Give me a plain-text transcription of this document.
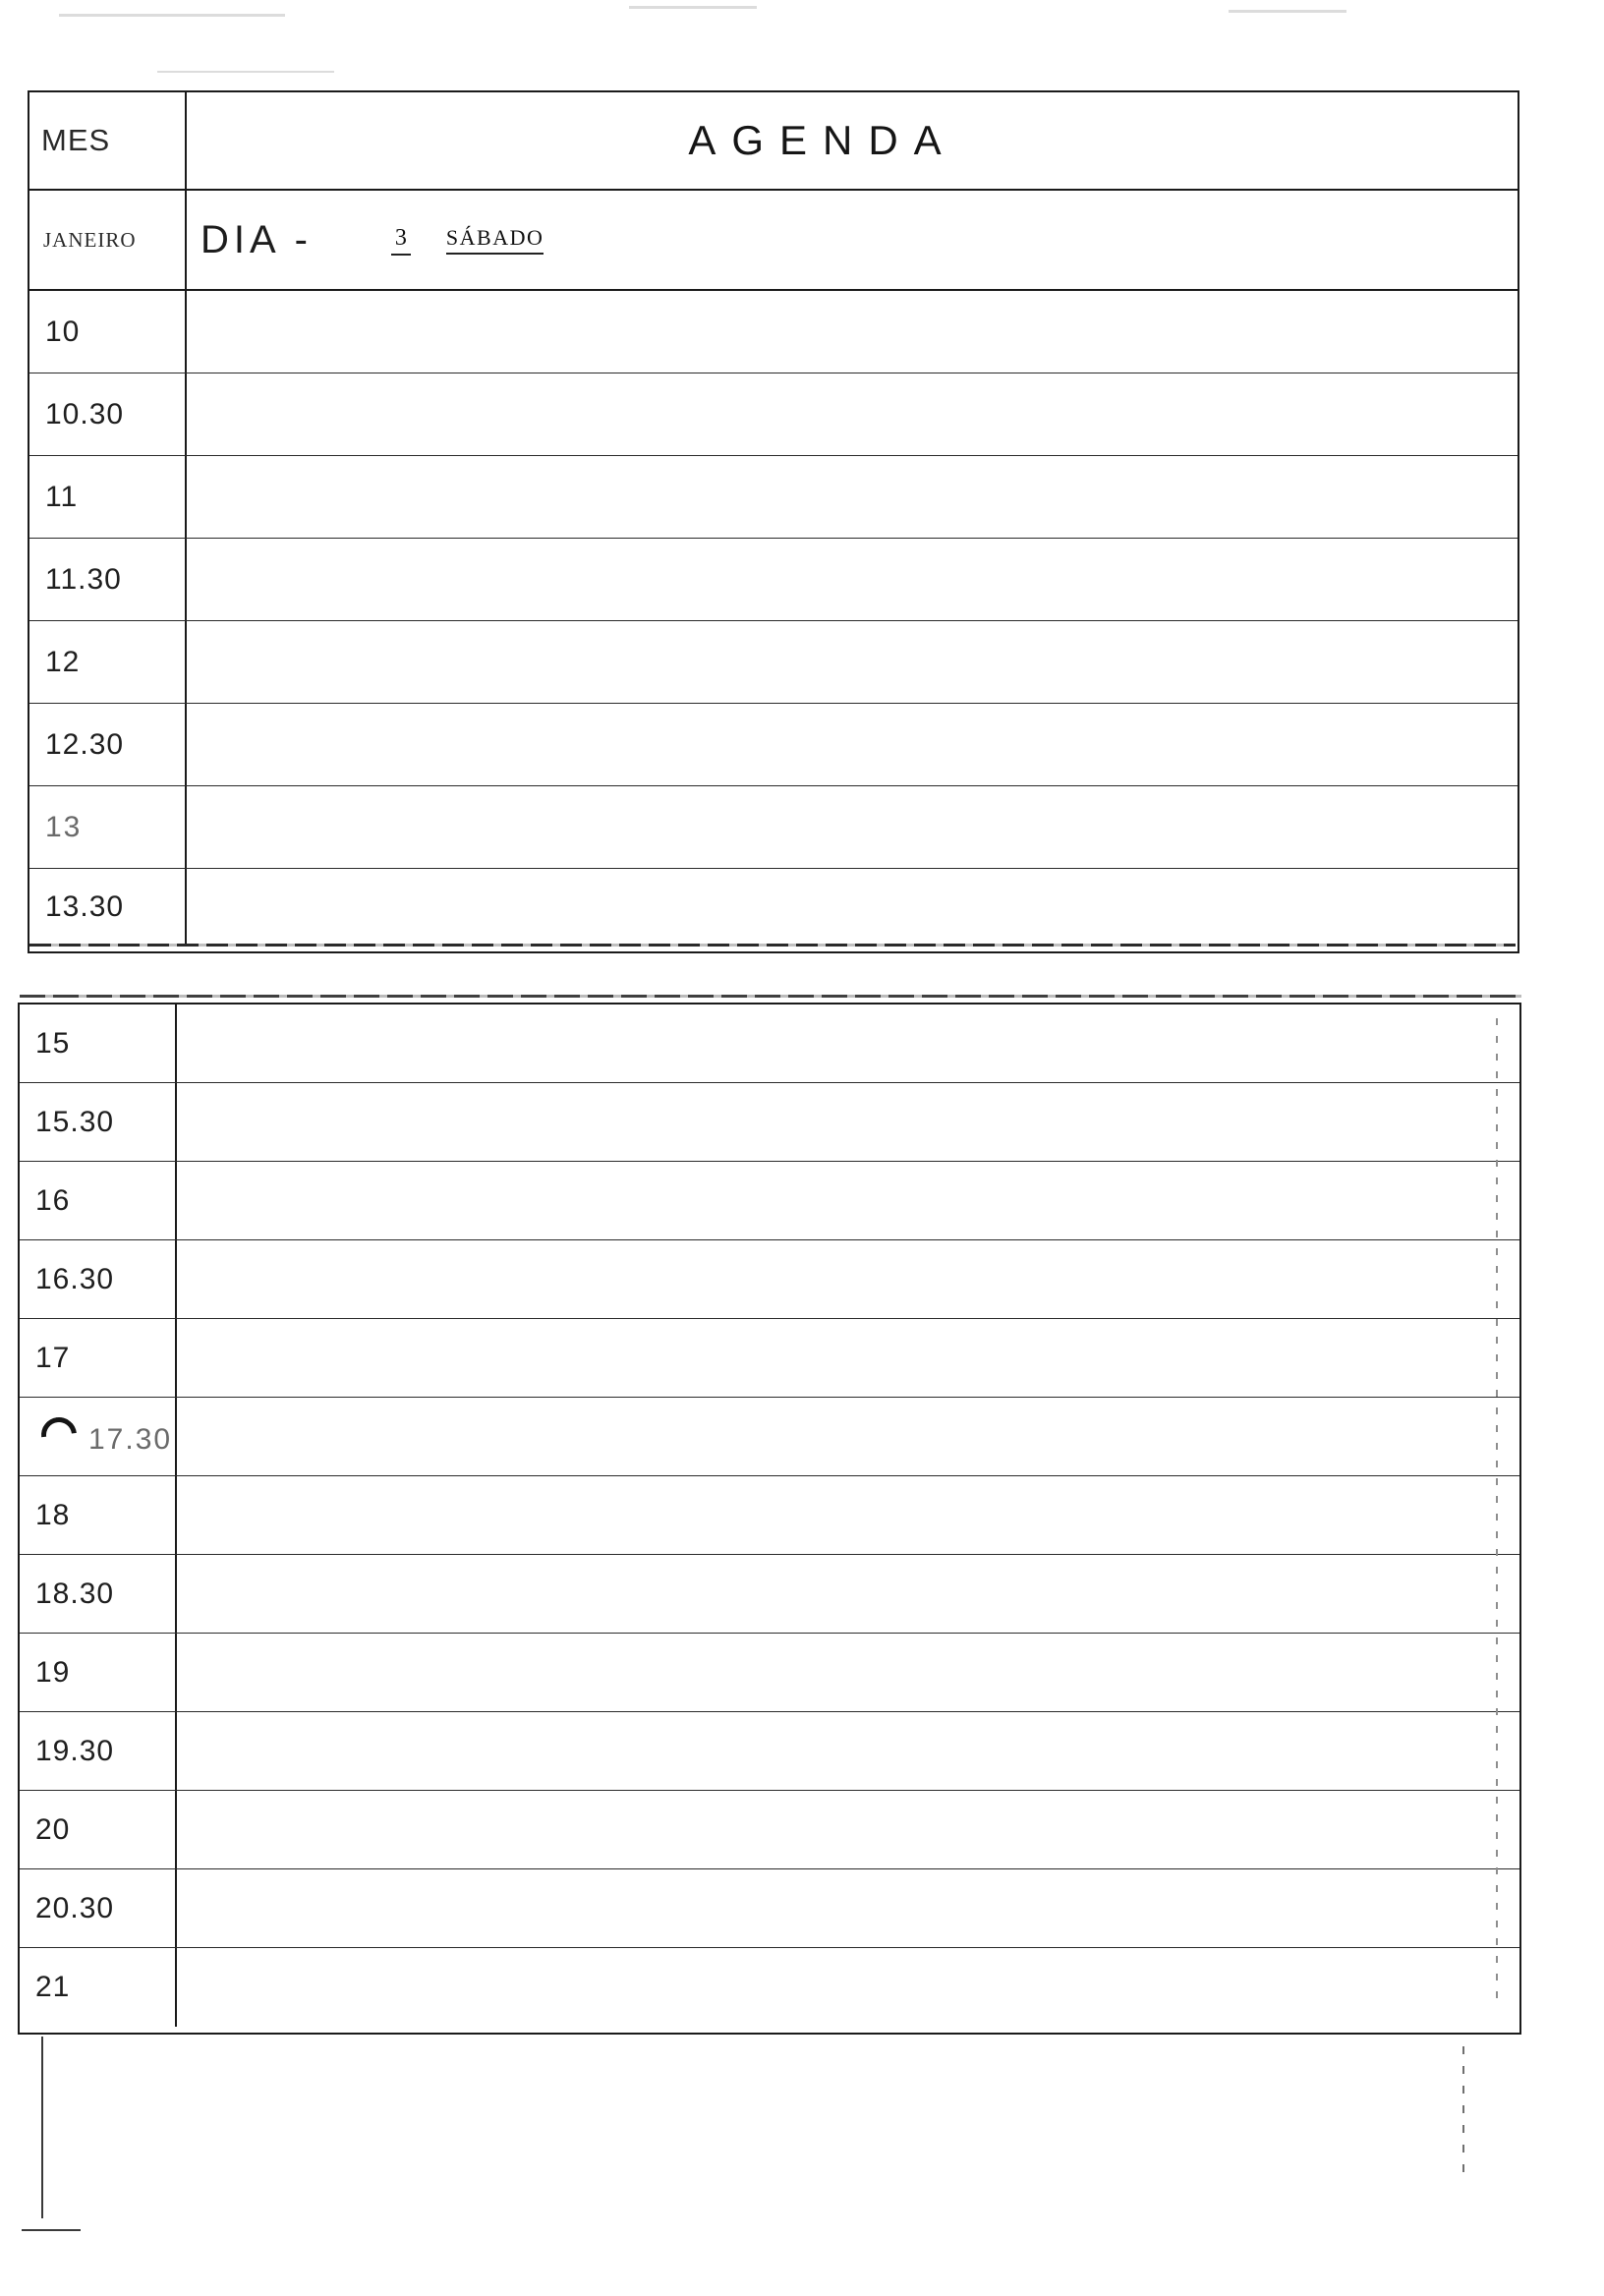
MES	AGENDA
JANEIRO	DIA -	3 SÁBADO
10
10.30
11
11.30
12
12.30
13
13.30
15
15.30
16
16.30
17
17.30
18
18.30
19
19.30
20
20.30
21
